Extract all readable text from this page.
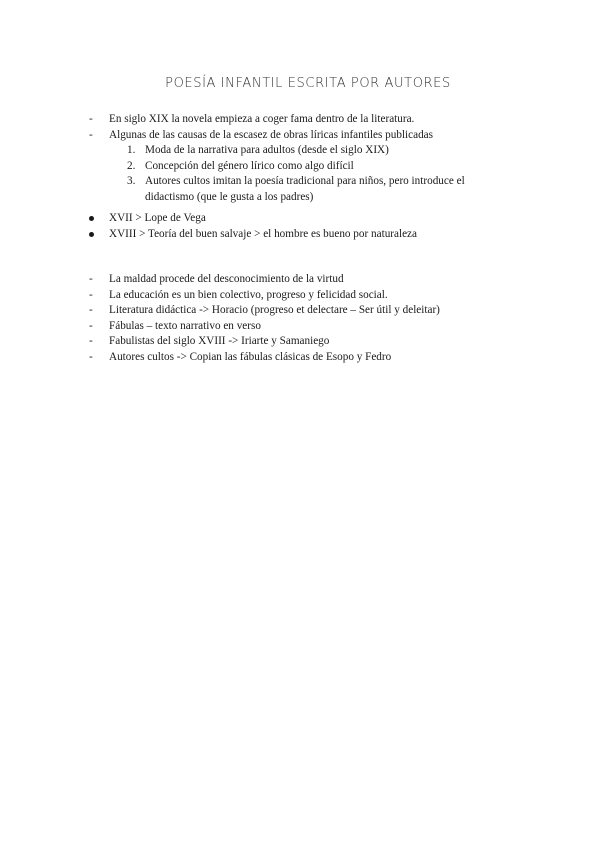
POESÍA INFANTIL ESCRITA POR AUTORES
- En siglo XIX la novela empieza a coger fama dentro de la literatura.
- Algunas de las causas de la escasez de obras líricas infantiles publicadas
1. Moda de la narrativa para adultos (desde el siglo XIX)
2. Concepción del género lírico como algo difícil
3. Autores cultos imitan la poesía tradicional para niños, pero introduce el
didactismo (que le gusta a los padres)
XVII > Lope de Vega
XVIII > Teoría del buen salvaje > el hombre es bueno por naturaleza
- La maldad procede del desconocimiento de la virtud
- La educación es un bien colectivo, progreso y felicidad social.
- Literatura didáctica -> Horacio (progreso et delectare – Ser útil y deleitar)
- Fábulas – texto narrativo en verso
- Fabulistas del siglo XVIII -> Iriarte y Samaniego
- Autores cultos -> Copian las fábulas clásicas de Esopo y Fedro
